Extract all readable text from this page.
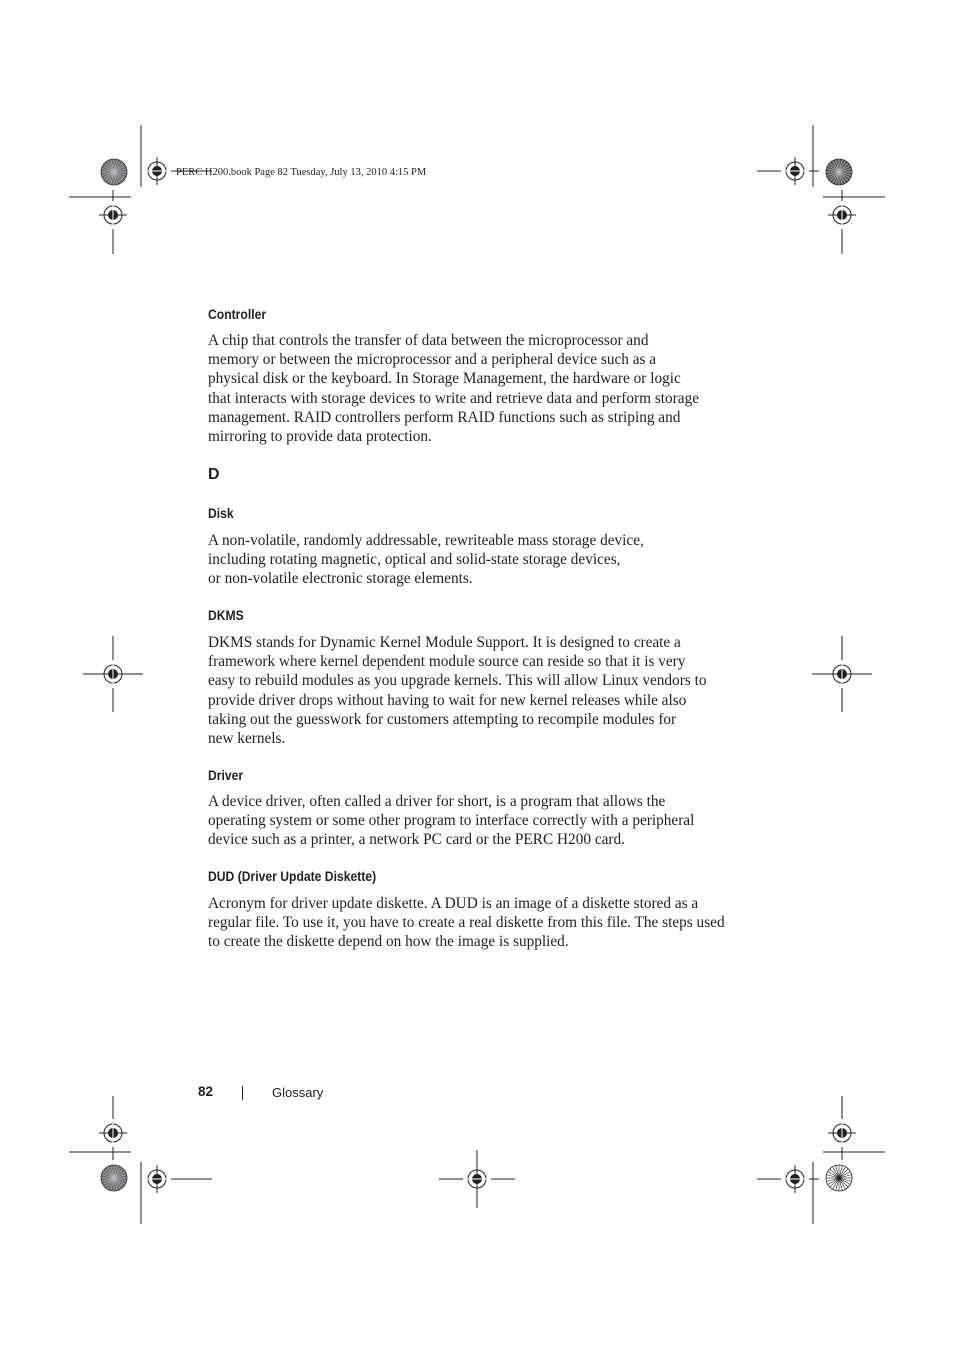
PERC H200.book Page 82 Tuesday, July 13, 2010 4:15 PM
Controller
A chip that controls the transfer of data between the microprocessor and
memory or between the microprocessor and a peripheral device such as a
physical disk or the keyboard. In Storage Management, the hardware or logic
that interacts with storage devices to write and retrieve data and perform storage
management. RAID controllers perform RAID functions such as striping and
mirroring to provide data protection.
D
Disk
A non-volatile, randomly addressable, rewriteable mass storage device,
including rotating magnetic, optical and solid-state storage devices,
or non-volatile electronic storage elements.
DKMS
DKMS stands for Dynamic Kernel Module Support. It is designed to create a
framework where kernel dependent module source can reside so that it is very
easy to rebuild modules as you upgrade kernels. This will allow Linux vendors to
provide driver drops without having to wait for new kernel releases while also
taking out the guesswork for customers attempting to recompile modules for
new kernels.
Driver
A device driver, often called a driver for short, is a program that allows the
operating system or some other program to interface correctly with a peripheral
device such as a printer, a network PC card or the PERC H200 card.
DUD (Driver Update Diskette)
Acronym for driver update diskette. A DUD is an image of a diskette stored as a
regular file. To use it, you have to create a real diskette from this file. The steps used
to create the diskette depend on how the image is supplied.
82	Glossary
